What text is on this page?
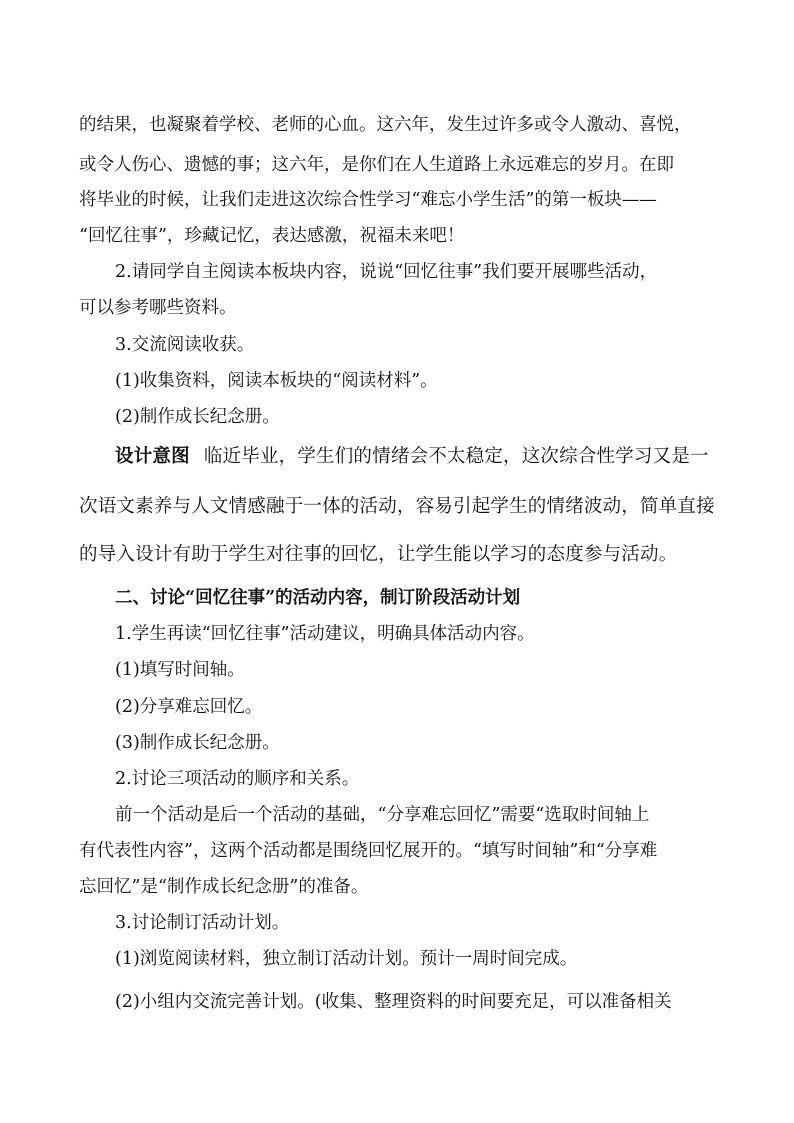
的结果，也凝聚着学校、老师的心血。这六年，发生过许多或令人激动、喜悦，
或令人伤心、遗憾的事；这六年，是你们在人生道路上永远难忘的岁月。在即
将毕业的时候，让我们走进这次综合性学习“难忘小学生活”的第一板块——
“回忆往事”，珍藏记忆，表达感激，祝福未来吧！
2.请同学自主阅读本板块内容，说说“回忆往事”我们要开展哪些活动，
可以参考哪些资料。
3.交流阅读收获。
(1)收集资料，阅读本板块的“阅读材料”。
(2)制作成长纪念册。
设计意图 临近毕业，学生们的情绪会不太稳定，这次综合性学习又是一
次语文素养与人文情感融于一体的活动，容易引起学生的情绪波动，简单直接
的导入设计有助于学生对往事的回忆，让学生能以学习的态度参与活动。
二、讨论“回忆往事”的活动内容，制订阶段活动计划
1.学生再读“回忆往事”活动建议，明确具体活动内容。
(1)填写时间轴。
(2)分享难忘回忆。
(3)制作成长纪念册。
2.讨论三项活动的顺序和关系。
前一个活动是后一个活动的基础，“分享难忘回忆”需要“选取时间轴上
有代表性内容”，这两个活动都是围绕回忆展开的。“填写时间轴”和“分享难
忘回忆”是“制作成长纪念册”的准备。
3.讨论制订活动计划。
(1)浏览阅读材料，独立制订活动计划。预计一周时间完成。
(2)小组内交流完善计划。(收集、整理资料的时间要充足，可以准备相关
